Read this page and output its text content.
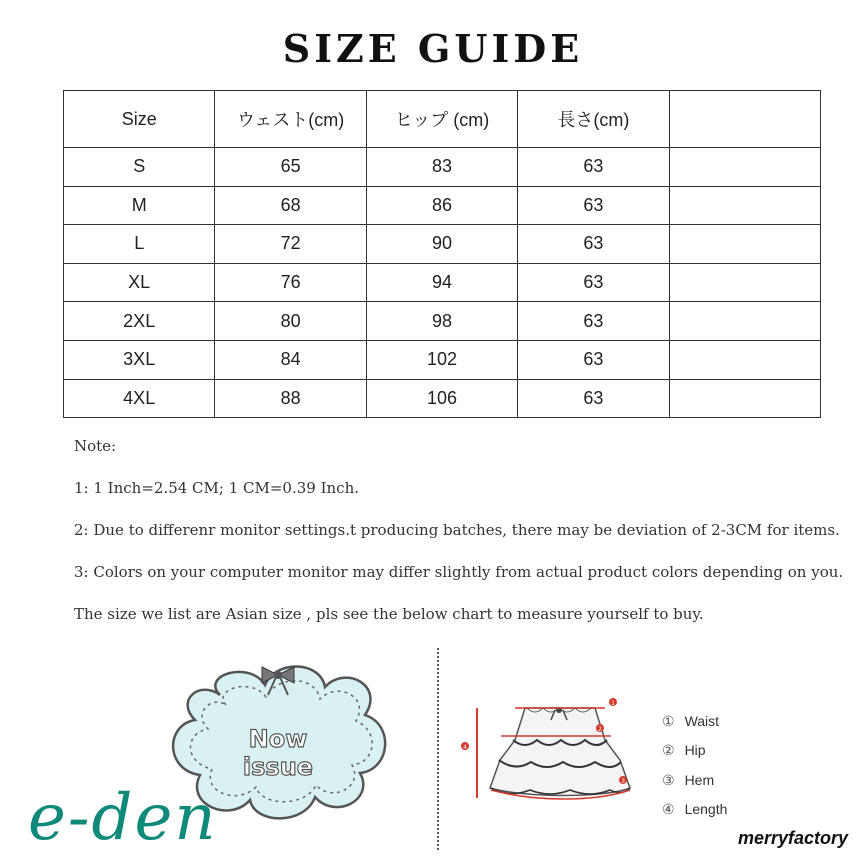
SIZE GUIDE
Size	ウェスト(cm)	ヒップ (cm)	長さ(cm)	
S	65	83	63	
M	68	86	63	
L	72	90	63	
XL	76	94	63	
2XL	80	98	63	
3XL	84	102	63	
4XL	88	106	63	
Note:
1: 1 Inch=2.54 CM; 1 CM=0.39 Inch.
2: Due to differenr monitor settings.t producing batches, there may be deviation of 2-3CM for items.
3: Colors on your computer monitor may differ slightly from actual product colors depending on you.
The size we list are Asian size , pls see the below chart to measure yourself to buy.
Now
issue
e-den
1
2
3
4
① Waist
② Hip
③ Hem
④ Length
merryfactory
